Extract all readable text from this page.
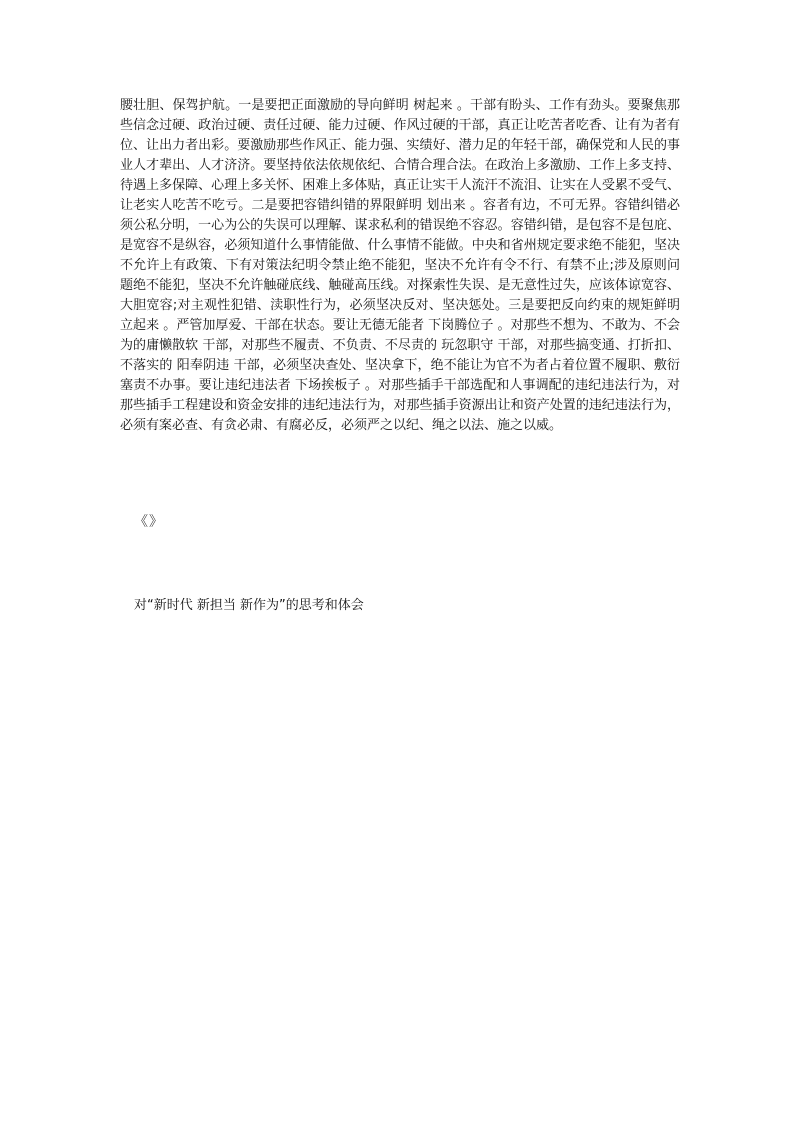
腰壮胆、保驾护航。一是要把正面激励的导向鲜明 树起来 。干部有盼头、工作有劲头。要聚焦那些信念过硬、政治过硬、责任过硬、能力过硬、作风过硬的干部，真正让吃苦者吃香、让有为者有位、让出力者出彩。要激励那些作风正、能力强、实绩好、潜力足的年轻干部，确保党和人民的事业人才辈出、人才济济。要坚持依法依规依纪、合情合理合法。在政治上多激励、工作上多支持、待遇上多保障、心理上多关怀、困难上多体贴，真正让实干人流汗不流泪、让实在人受累不受气、让老实人吃苦不吃亏。二是要把容错纠错的界限鲜明 划出来 。容者有边，不可无界。容错纠错必须公私分明，一心为公的失误可以理解、谋求私利的错误绝不容忍。容错纠错，是包容不是包庇、是宽容不是纵容，必须知道什么事情能做、什么事情不能做。中央和省州规定要求绝不能犯，坚决不允许上有政策、下有对策法纪明令禁止绝不能犯，坚决不允许有令不行、有禁不止;涉及原则问题绝不能犯，坚决不允许触碰底线、触碰高压线。对探索性失误、是无意性过失，应该体谅宽容、大胆宽容;对主观性犯错、渎职性行为，必须坚决反对、坚决惩处。三是要把反向约束的规矩鲜明 立起来 。严管加厚爱、干部在状态。要让无德无能者 下岗腾位子 。对那些不想为、不敢为、不会为的庸懒散软 干部，对那些不履责、不负责、不尽责的 玩忽职守 干部，对那些搞变通、打折扣、不落实的 阳奉阴违 干部，必须坚决查处、坚决拿下，绝不能让为官不为者占着位置不履职、敷衍塞责不办事。要让违纪违法者 下场挨板子 。对那些插手干部选配和人事调配的违纪违法行为，对那些插手工程建设和资金安排的违纪违法行为，对那些插手资源出让和资产处置的违纪违法行为，必须有案必查、有贪必肃、有腐必反，必须严之以纪、绳之以法、施之以威。

《》
对“新时代 新担当 新作为”的思考和体会
